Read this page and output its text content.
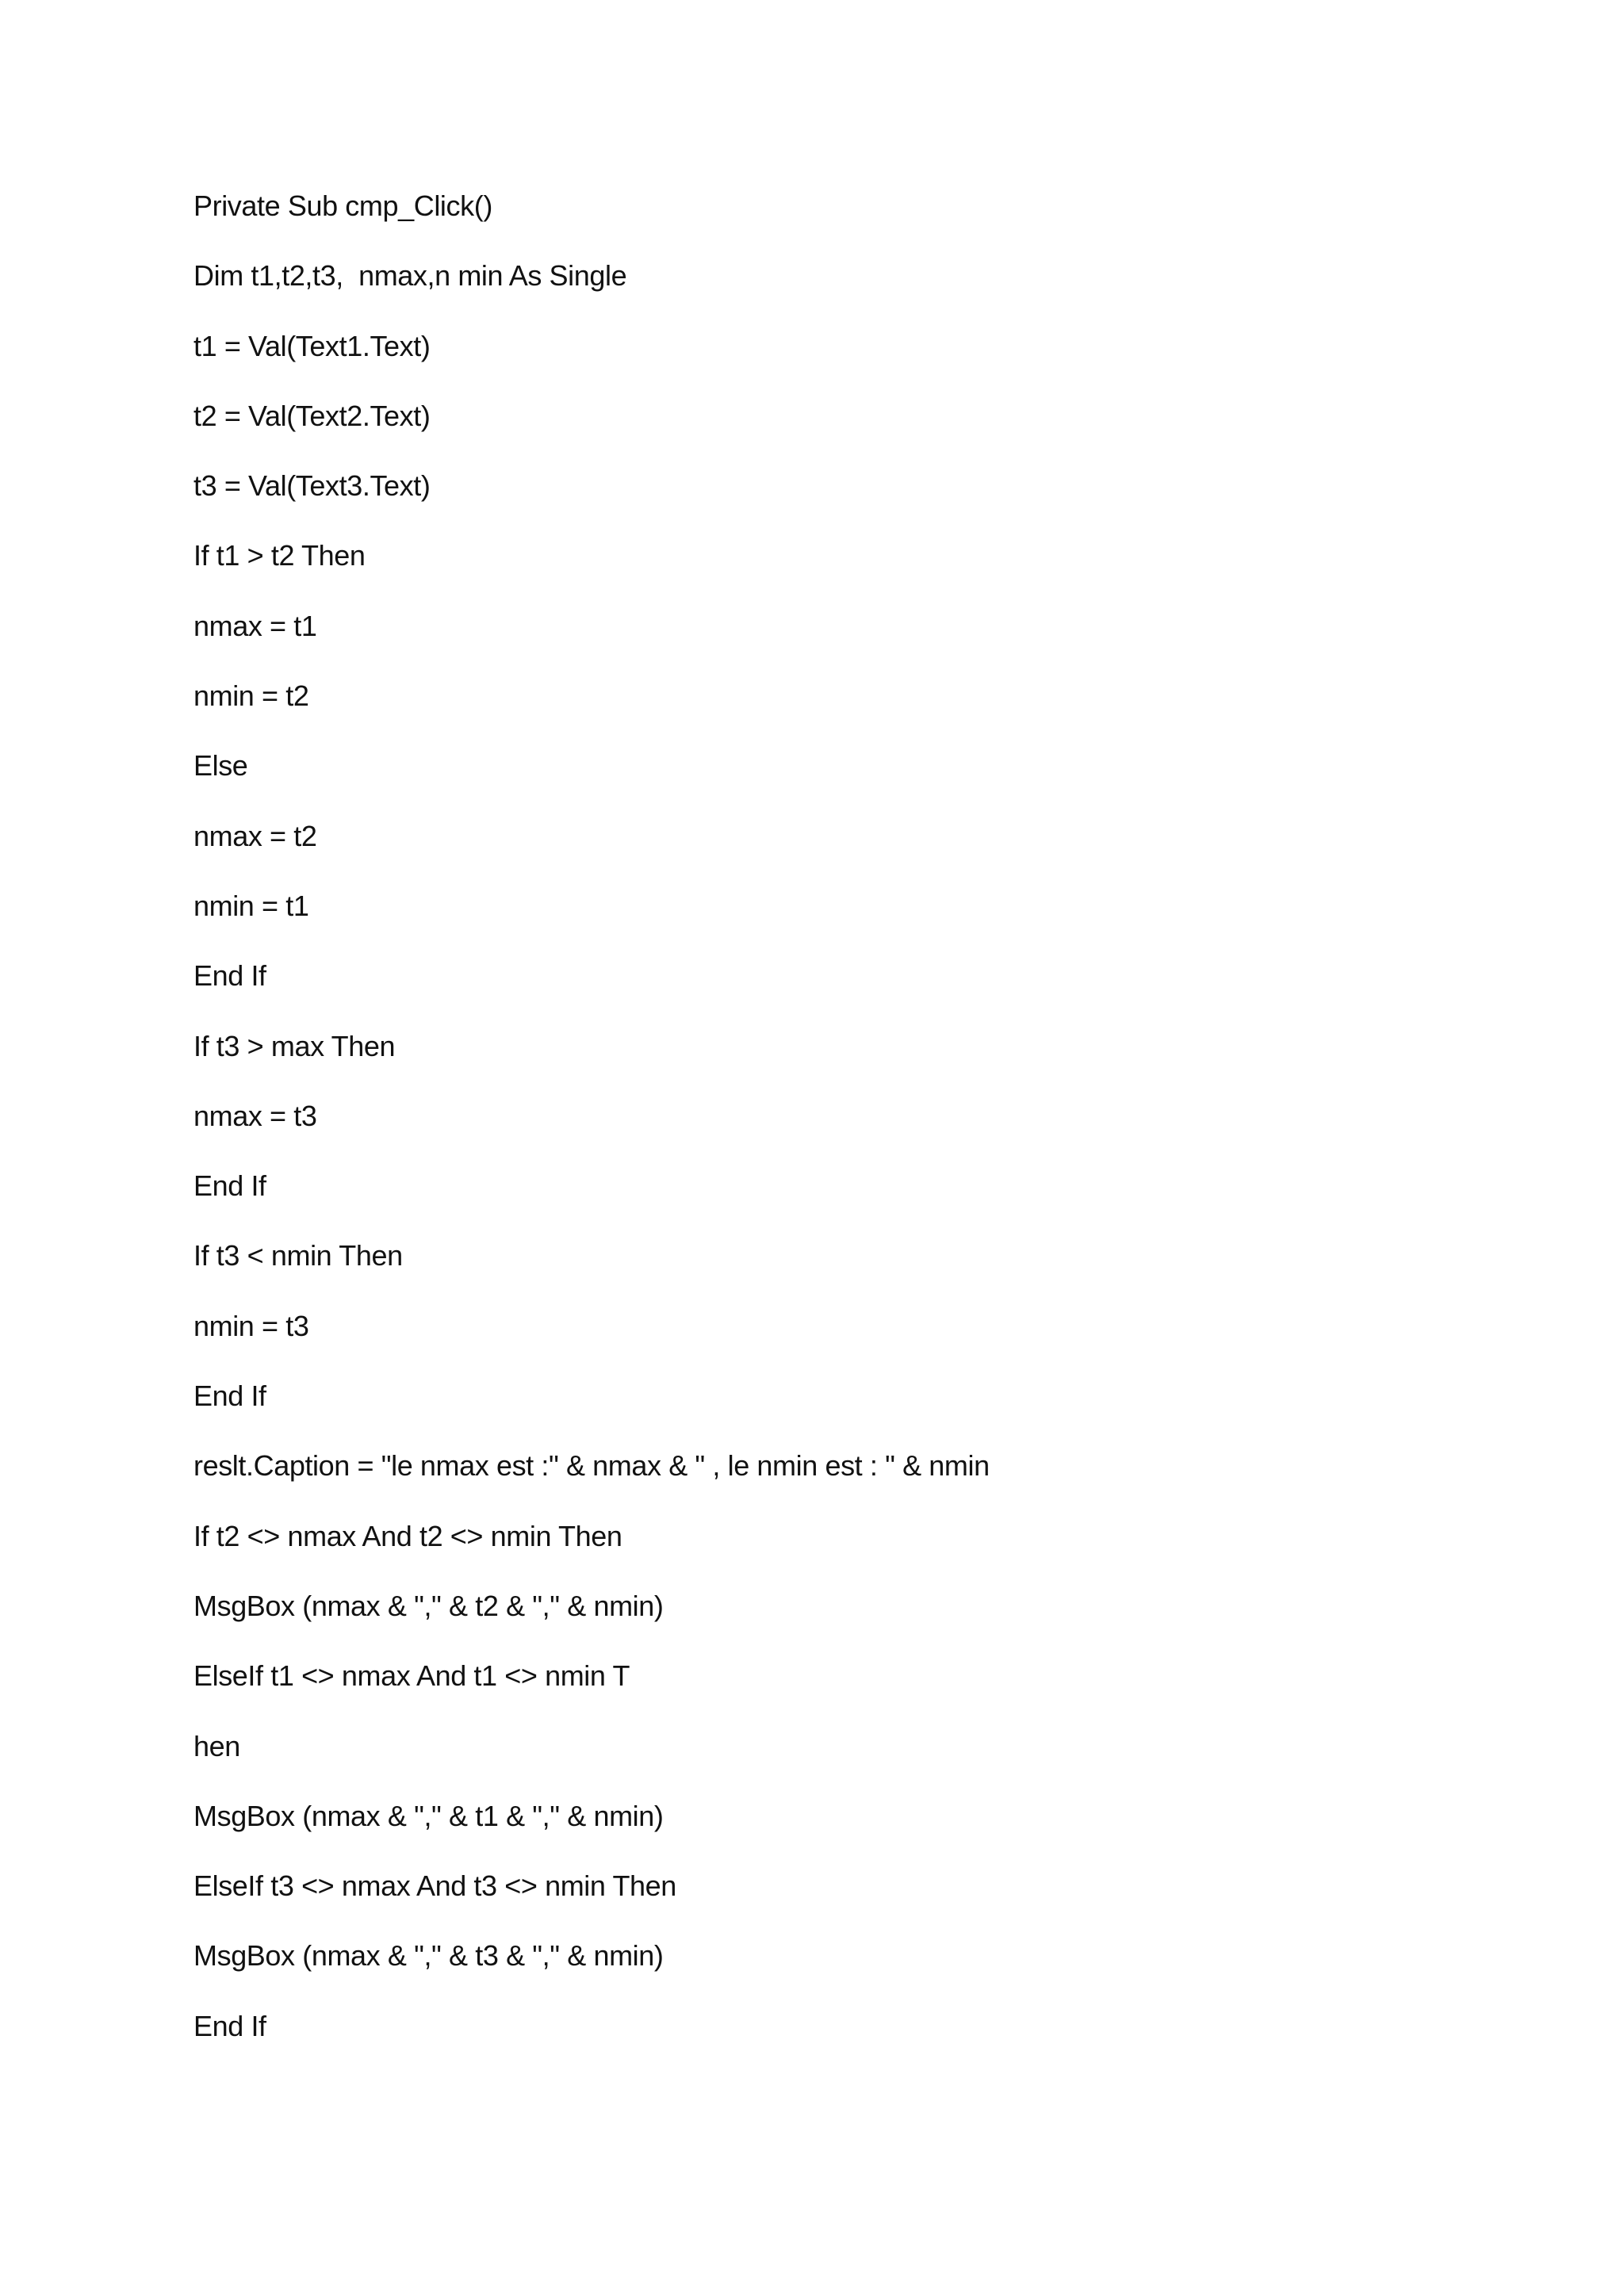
Private Sub cmp_Click()
Dim t1,t2,t3,  nmax,n min As Single
t1 = Val(Text1.Text)
t2 = Val(Text2.Text)
t3 = Val(Text3.Text)
If t1 > t2 Then
nmax = t1
nmin = t2
Else
nmax = t2
nmin = t1
End If
If t3 > max Then
nmax = t3
End If
If t3 < nmin Then
nmin = t3
End If
reslt.Caption = "le nmax est :" & nmax & " , le nmin est : " & nmin
If t2 <> nmax And t2 <> nmin Then
MsgBox (nmax & "," & t2 & "," & nmin)
ElseIf t1 <> nmax And t1 <> nmin T
hen
MsgBox (nmax & "," & t1 & "," & nmin)
ElseIf t3 <> nmax And t3 <> nmin Then
MsgBox (nmax & "," & t3 & "," & nmin)
End If
